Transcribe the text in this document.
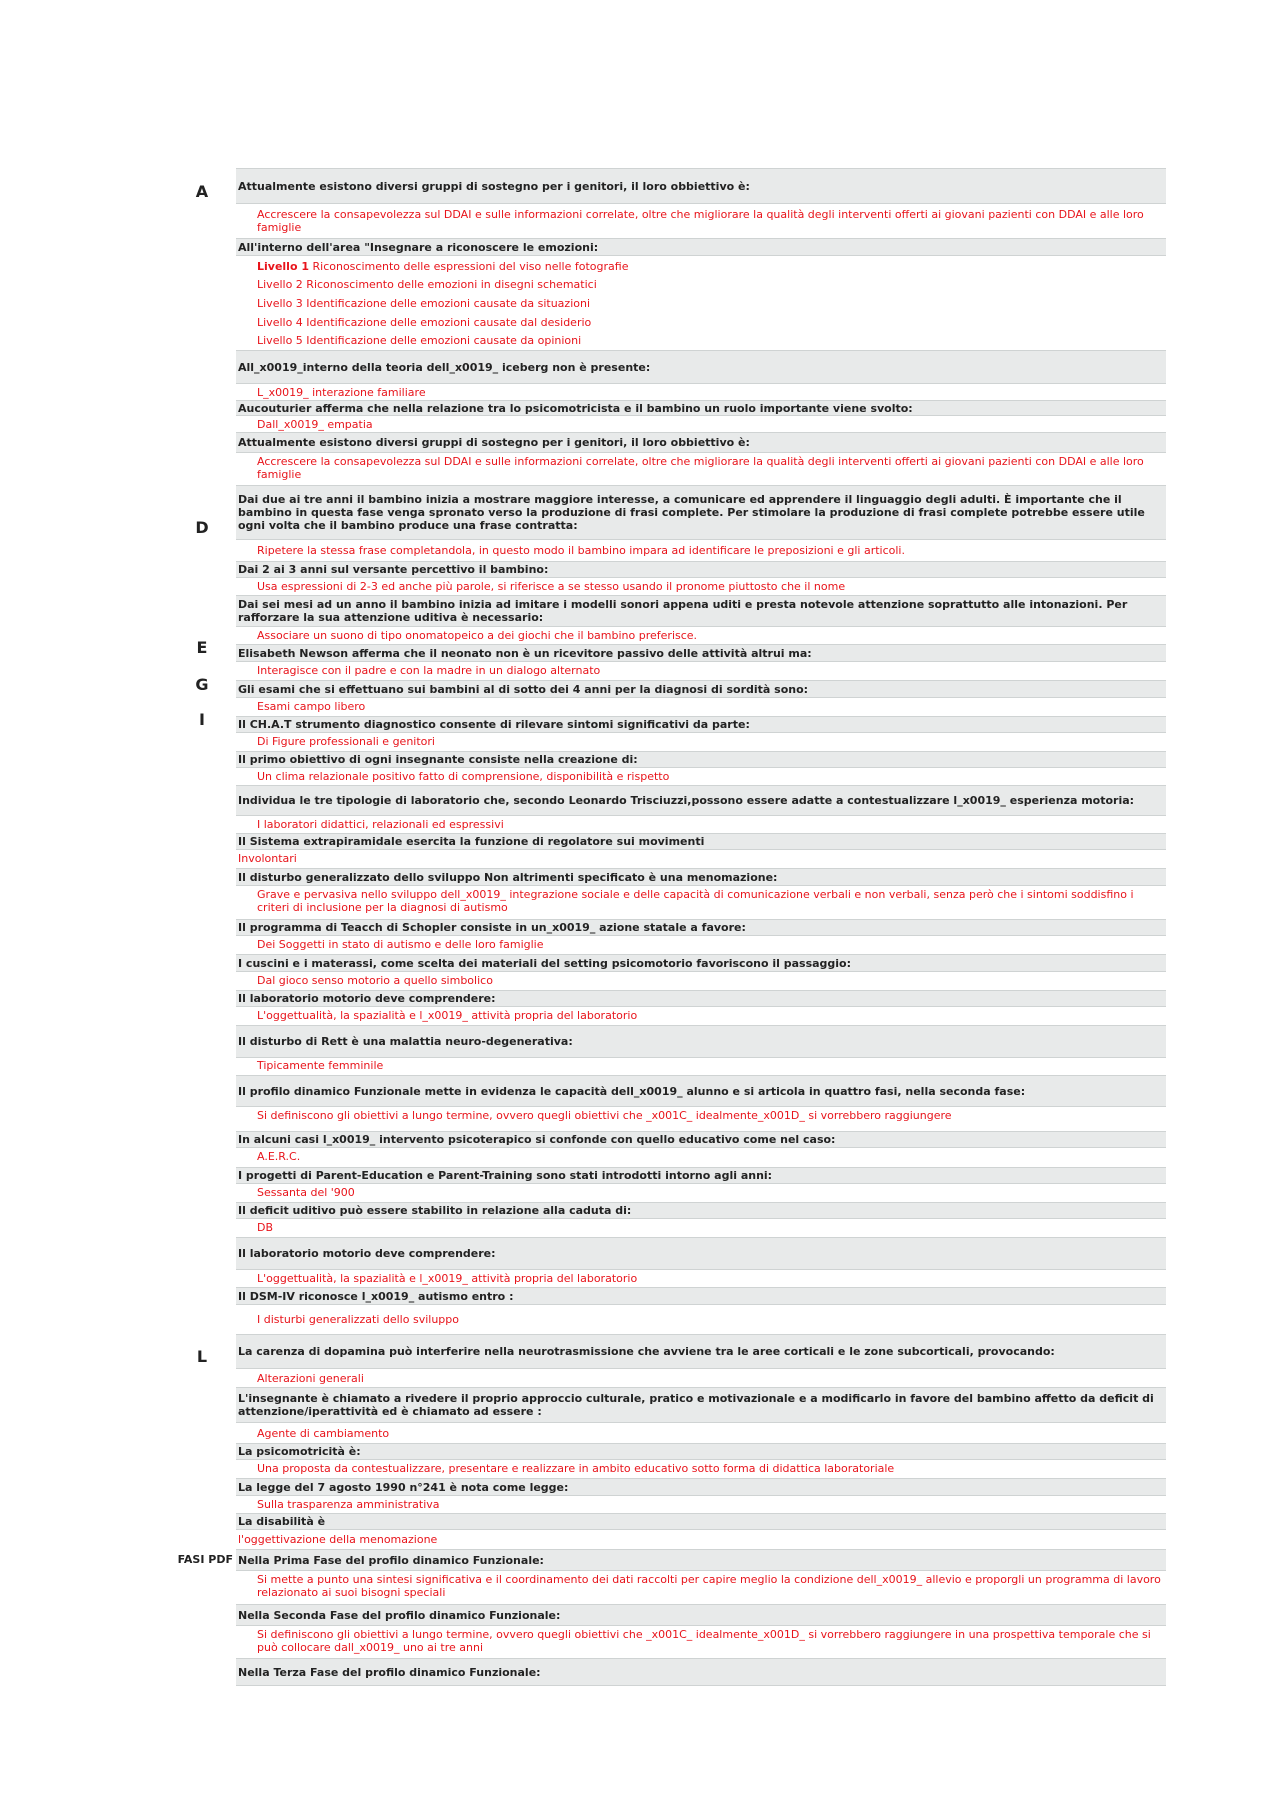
A
D
E
G
I
L
FASI PDF
Attualmente esistono diversi gruppi di sostegno per i genitori, il loro obbiettivo è:
Accrescere la consapevolezza sul DDAI e sulle informazioni correlate, oltre che migliorare la qualità degli interventi offerti ai giovani pazienti con DDAI e alle loro famiglie
All'interno dell'area "Insegnare a riconoscere le emozioni:
Livello 1 Riconoscimento delle espressioni del viso nelle fotografie
Livello 2 Riconoscimento delle emozioni in disegni schematici
Livello 3 Identificazione delle emozioni causate da situazioni
Livello 4 Identificazione delle emozioni causate dal desiderio
Livello 5 Identificazione delle emozioni causate da opinioni
All_x0019_interno della teoria dell_x0019_ iceberg non è presente:
L_x0019_ interazione familiare
Aucouturier afferma che nella relazione tra lo psicomotricista e il bambino un ruolo importante viene svolto:
Dall_x0019_ empatia
Attualmente esistono diversi gruppi di sostegno per i genitori, il loro obbiettivo è:
Accrescere la consapevolezza sul DDAI e sulle informazioni correlate, oltre che migliorare la qualità degli interventi offerti ai giovani pazienti con DDAI e alle loro famiglie
Dai due ai tre anni il bambino inizia a mostrare maggiore interesse, a comunicare ed apprendere il linguaggio degli adulti. È importante che il bambino in questa fase venga spronato verso la produzione di frasi complete. Per stimolare la produzione di frasi complete potrebbe essere utile ogni volta che il bambino produce una frase contratta:
Ripetere la stessa frase completandola, in questo modo il bambino impara ad identificare le preposizioni e gli articoli.
Dai 2 ai 3 anni sul versante percettivo il bambino:
Usa espressioni di 2-3 ed anche più parole, si riferisce a se stesso usando il pronome piuttosto che il nome
Dai sei mesi ad un anno il bambino inizia ad imitare i modelli sonori appena uditi e presta notevole attenzione soprattutto alle intonazioni. Per rafforzare la sua attenzione uditiva è necessario:
Associare un suono di tipo onomatopeico a dei giochi che il bambino preferisce.
Elisabeth Newson afferma che il neonato non è un ricevitore passivo delle attività altrui ma:
Interagisce con il padre e con la madre in un dialogo alternato
Gli esami che si effettuano sui bambini al di sotto dei 4 anni per la diagnosi di sordità sono:
Esami campo libero
Il CH.A.T strumento diagnostico consente di rilevare sintomi significativi da parte:
Di Figure professionali e genitori
Il primo obiettivo di ogni insegnante consiste nella creazione di:
Un clima relazionale positivo fatto di comprensione, disponibilità e rispetto
Individua le tre tipologie di laboratorio che, secondo Leonardo Trisciuzzi,possono essere adatte a contestualizzare l_x0019_ esperienza motoria:
I laboratori didattici, relazionali ed espressivi
Il Sistema extrapiramidale esercita la funzione di regolatore sui movimenti
Involontari
Il disturbo generalizzato dello sviluppo Non altrimenti specificato è una menomazione:
Grave e pervasiva nello sviluppo dell_x0019_ integrazione sociale e delle capacità di comunicazione verbali e non verbali, senza però che i sintomi soddisfino i criteri di inclusione per la diagnosi di autismo
Il programma di Teacch di Schopler consiste in un_x0019_ azione statale a favore:
Dei Soggetti in stato di autismo e delle loro famiglie
I cuscini e i materassi, come scelta dei materiali del setting psicomotorio favoriscono il passaggio:
Dal gioco senso motorio a quello simbolico
Il laboratorio motorio deve comprendere:
L'oggettualità, la spazialità e l_x0019_ attività propria del laboratorio
Il disturbo di Rett è una malattia neuro-degenerativa:
Tipicamente femminile
Il profilo dinamico Funzionale mette in evidenza le capacità dell_x0019_ alunno e si articola in quattro fasi, nella seconda fase:
Si definiscono gli obiettivi a lungo termine, ovvero quegli obiettivi che _x001C_ idealmente_x001D_ si vorrebbero raggiungere
In alcuni casi l_x0019_ intervento psicoterapico si confonde con quello educativo come nel caso:
A.E.R.C.
I progetti di Parent-Education e Parent-Training sono stati introdotti intorno agli anni:
Sessanta del '900
Il deficit uditivo può essere stabilito in relazione alla caduta di:
DB
Il laboratorio motorio deve comprendere:
L'oggettualità, la spazialità e l_x0019_ attività propria del laboratorio
Il DSM-IV riconosce l_x0019_ autismo entro :
I disturbi generalizzati dello sviluppo
La carenza di dopamina può interferire nella neurotrasmissione che avviene tra le aree corticali e le zone subcorticali, provocando:
Alterazioni generali
L'insegnante è chiamato a rivedere il proprio approccio culturale, pratico e motivazionale e a modificarlo in favore del bambino affetto da deficit di attenzione/iperattività ed è chiamato ad essere :
Agente di cambiamento
La psicomotricità è:
Una proposta da contestualizzare, presentare e realizzare in ambito educativo sotto forma di didattica laboratoriale
La legge del 7 agosto 1990 n°241 è nota come legge:
Sulla trasparenza amministrativa
La disabilità è
l'oggettivazione della menomazione
Nella Prima Fase del profilo dinamico Funzionale:
Si mette a punto una sintesi significativa e il coordinamento dei dati raccolti per capire meglio la condizione dell_x0019_ allevio e proporgli un programma di lavoro relazionato ai suoi bisogni speciali
Nella Seconda Fase del profilo dinamico Funzionale:
Si definiscono gli obiettivi a lungo termine, ovvero quegli obiettivi che _x001C_ idealmente_x001D_ si vorrebbero raggiungere in una prospettiva temporale che si può collocare dall_x0019_ uno ai tre anni
Nella Terza Fase del profilo dinamico Funzionale:
